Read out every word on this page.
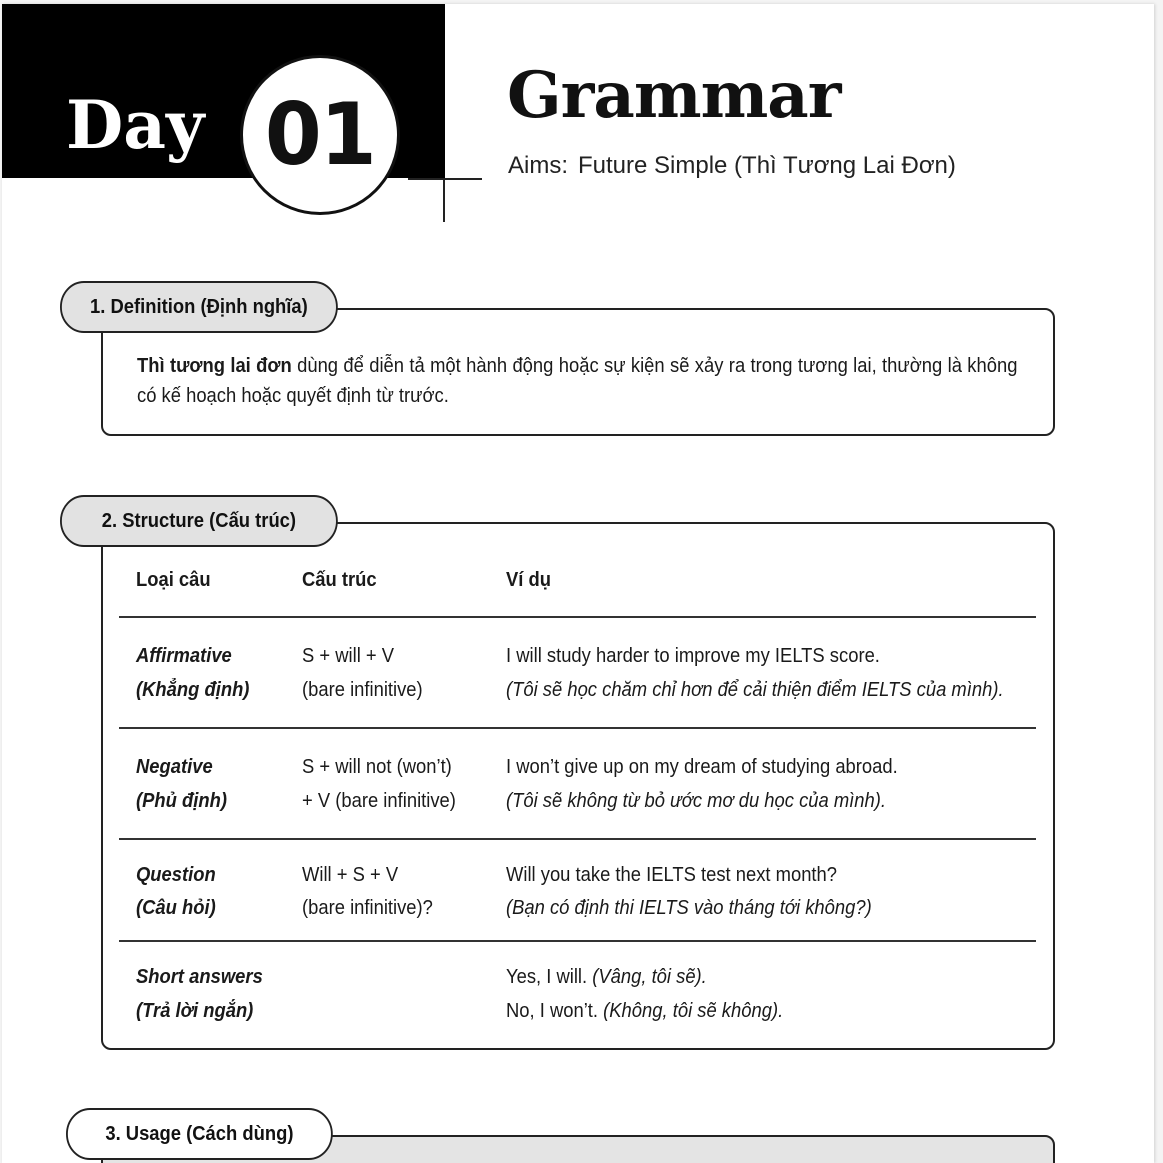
Day 01 Grammar
Aims: Future Simple (Thì Tương Lai Đơn)
1. Definition (Định nghĩa)
Thì tương lai đơn dùng để diễn tả một hành động hoặc sự kiện sẽ xảy ra trong tương lai, thường là không có kế hoạch hoặc quyết định từ trước.
2. Structure (Cấu trúc)
Loại câu	Cấu trúc	Ví dụ
Affirmative
(Khẳng định)
S + will + V
(bare infinitive)
I will study harder to improve my IELTS score.
(Tôi sẽ học chăm chỉ hơn để cải thiện điểm IELTS của mình).
Negative
(Phủ định)
S + will not (won’t)
+ V (bare infinitive)
I won’t give up on my dream of studying abroad.
(Tôi sẽ không từ bỏ ước mơ du học của mình).
Question
(Câu hỏi)
Will + S + V
(bare infinitive)?
Will you take the IELTS test next month?
(Bạn có định thi IELTS vào tháng tới không?)
Short answers
(Trả lời ngắn)
Yes, I will. (Vâng, tôi sẽ).
No, I won’t. (Không, tôi sẽ không).
3. Usage (Cách dùng)
